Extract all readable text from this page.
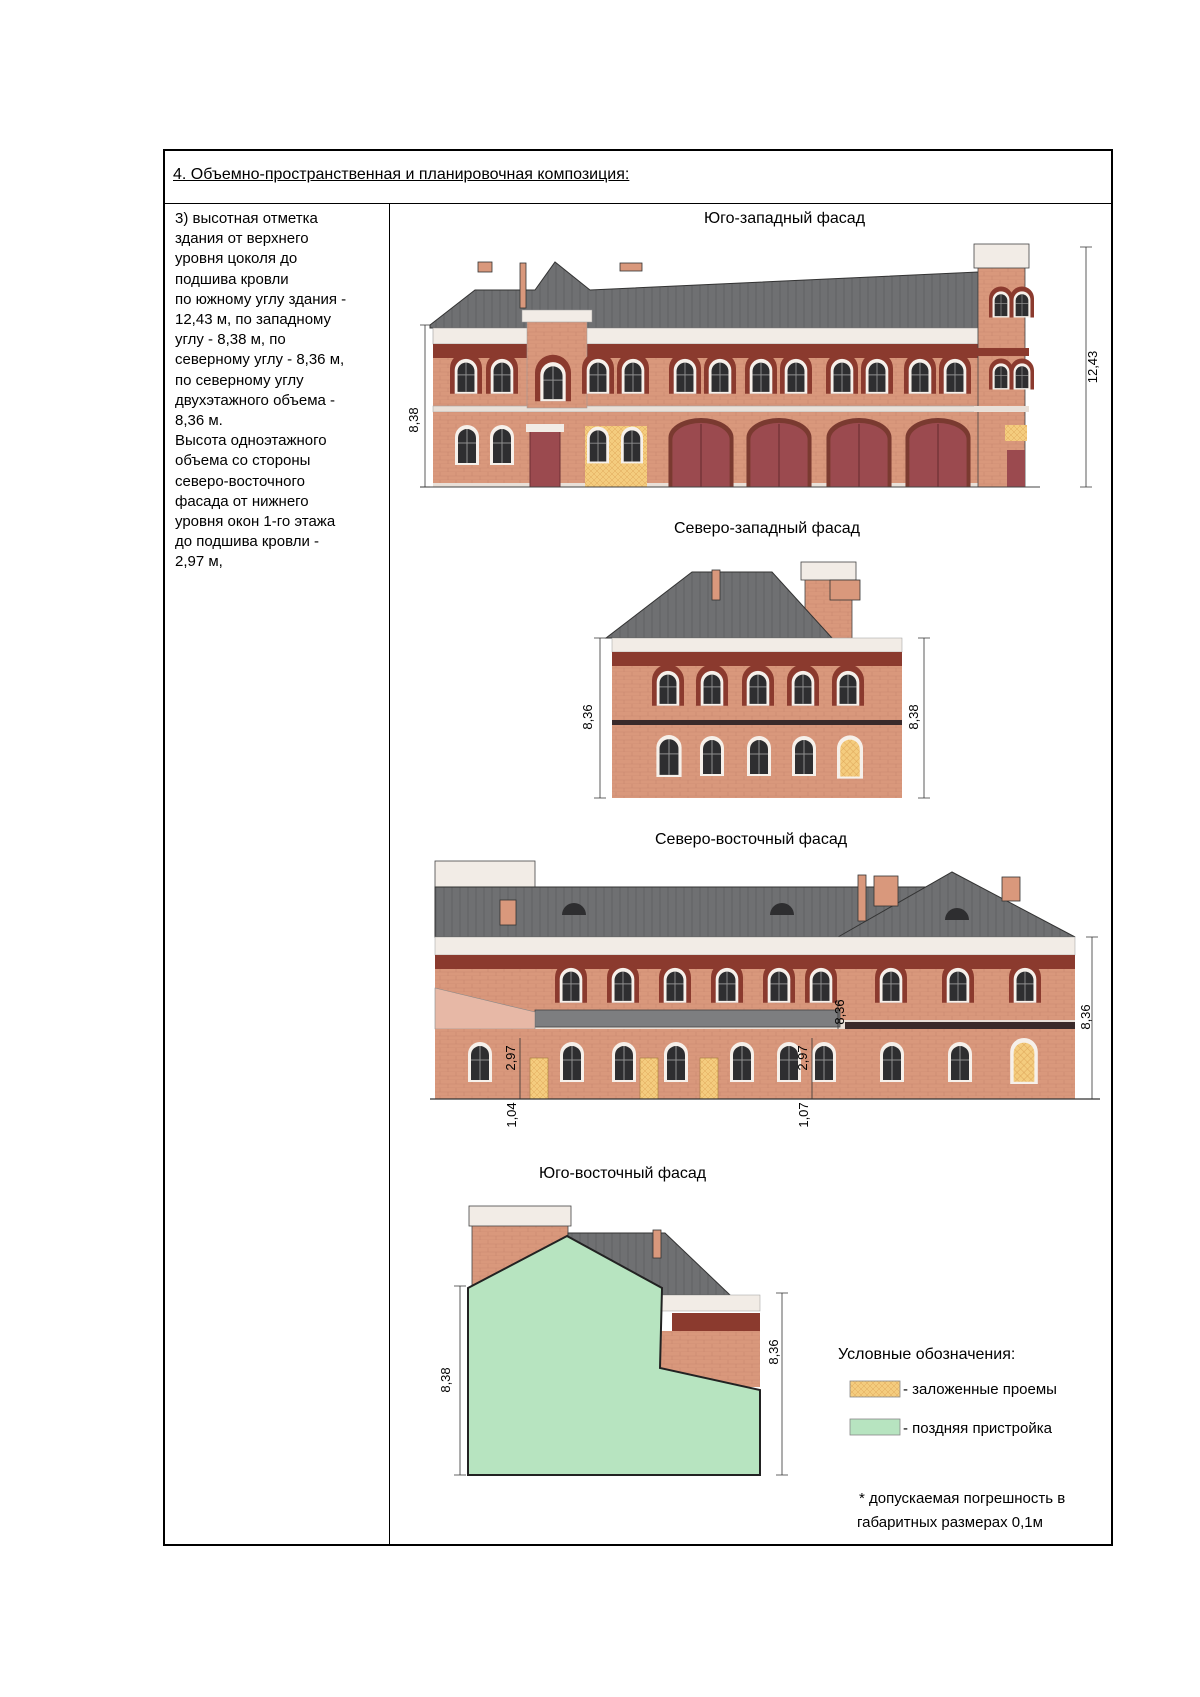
4. Объемно-пространственная и планировочная композиция:
3) высотная отметка
здания от верхнего
уровня цоколя до
подшива кровли
по южному углу здания -
12,43 м, по западному
углу - 8,38 м, по
северному углу - 8,36 м,
по северному углу
двухэтажного объема -
8,36 м.
Высота одноэтажного
объема со стороны
северо-восточного
фасада от нижнего
уровня окон 1-го этажа
до подшива кровли -
2,97 м,
Юго-западный фасад
Северо-западный фасад
Северо-восточный фасад
Юго-восточный фасад
8,38
12,43
8,36	8,38
2,97	2,97
8,36	8,36
1,04	1,07
8,38
8,36	Условные обозначения:
- заложенные проемы
- поздняя пристройка
* допускаемая погрешность в
габаритных размерах 0,1м
